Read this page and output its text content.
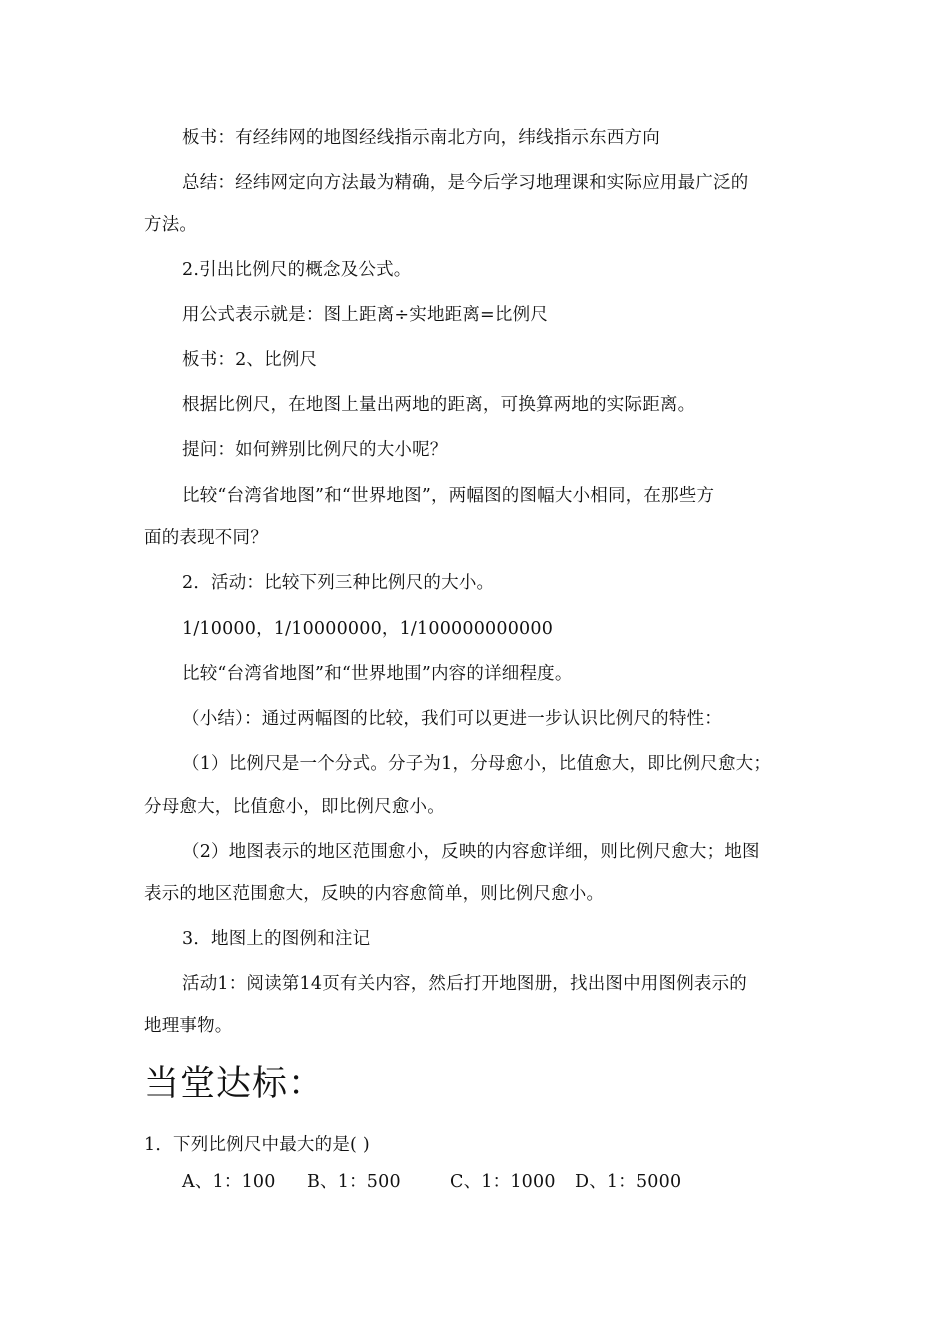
板书：有经纬网的地图经线指示南北方向，纬线指示东西方向
总结：经纬网定向方法最为精确，是今后学习地理课和实际应用最广泛的
方法。
2.引出比例尺的概念及公式。
用公式表示就是：图上距离÷实地距离=比例尺
板书：2、比例尺
根据比例尺，在地图上量出两地的距离，可换算两地的实际距离。
提问：如何辨别比例尺的大小呢？
比较“台湾省地图”和“世界地图”，两幅图的图幅大小相同，在那些方
面的表现不同？
2．活动：比较下列三种比例尺的大小。
1/10000，1/10000000，1/100000000000
比较“台湾省地图”和“世界地围”内容的详细程度。
（小结）：通过两幅图的比较，我们可以更进一步认识比例尺的特性：
（1）比例尺是一个分式。分子为1，分母愈小，比值愈大，即比例尺愈大；
分母愈大，比值愈小，即比例尺愈小。
（2）地图表示的地区范围愈小，反映的内容愈详细，则比例尺愈大；地图
表示的地区范围愈大，反映的内容愈简单，则比例尺愈小。
3．地图上的图例和注记
活动1：阅读第14页有关内容，然后打开地图册，找出图中用图例表示的
地理事物。
当堂达标：
1．下列比例尺中最大的是( )
A、1：100 B、1：500	C、1：1000 D、1：5000
